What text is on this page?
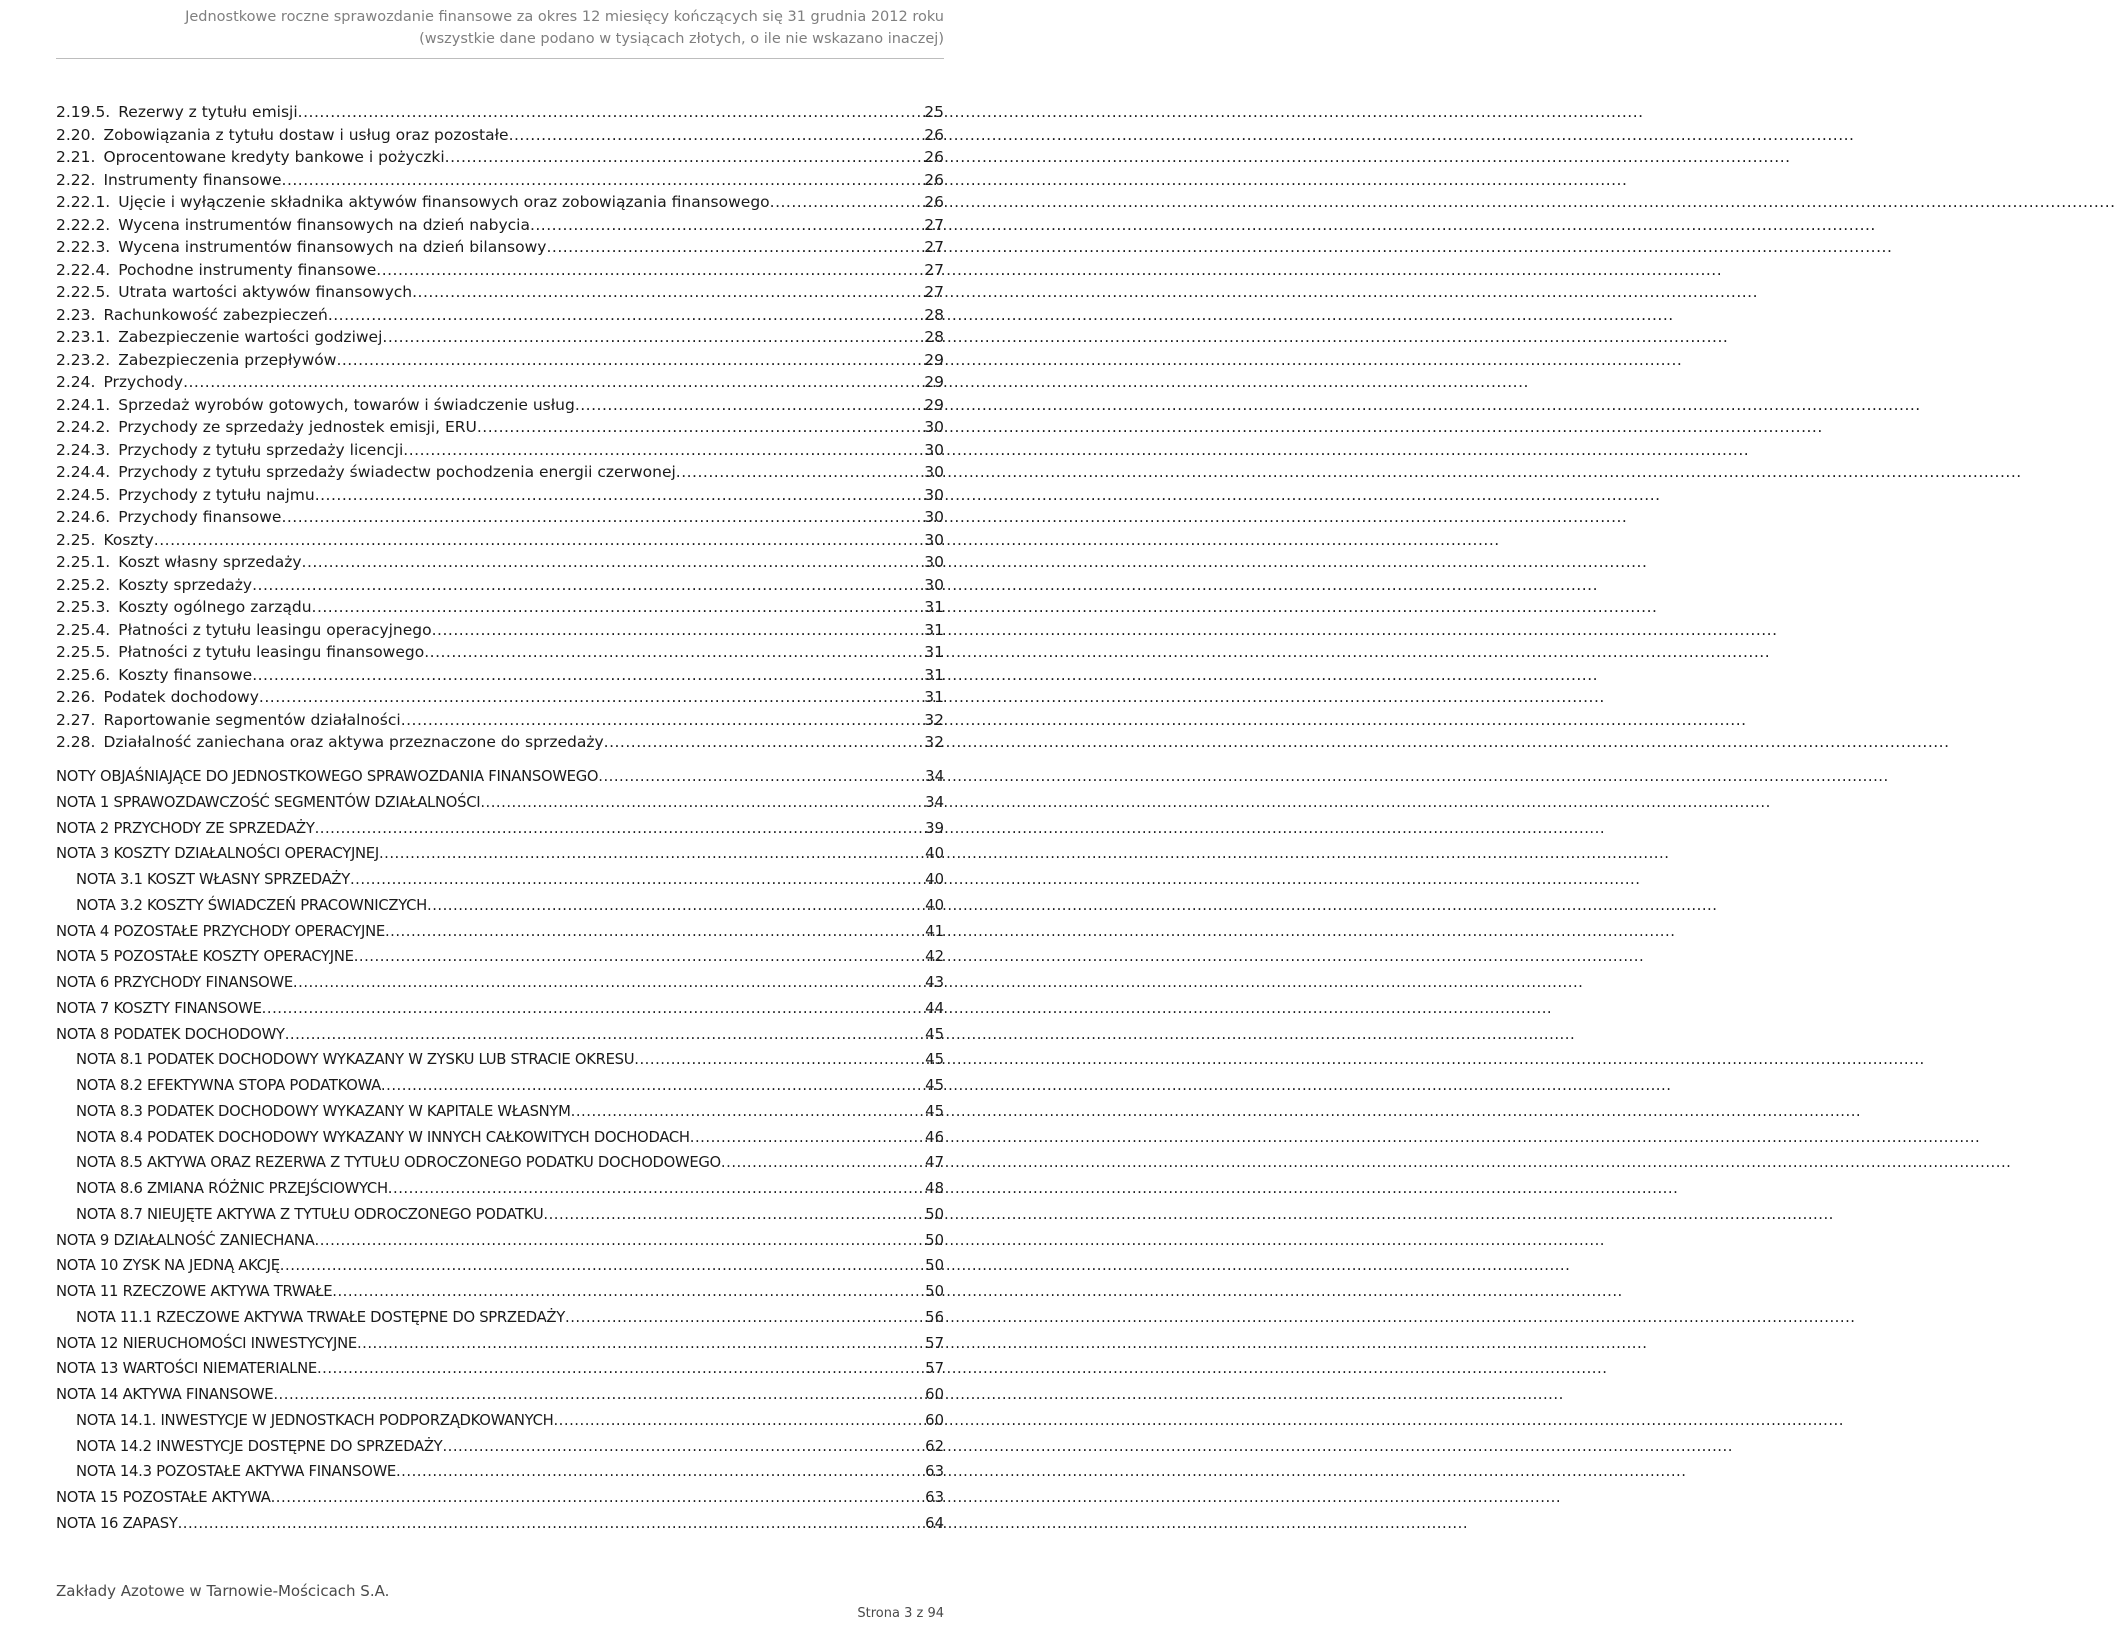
Jednostkowe roczne sprawozdanie finansowe za okres 12 miesięcy kończących się 31 grudnia 2012 roku
(wszystkie dane podano w tysiącach złotych, o ile nie wskazano inaczej)
2.19.5. Rezerwy z tytułu emisji .....	25
2.20. Zobowiązania z tytułu dostaw i usług oraz pozostałe .....	26
2.21. Oprocentowane kredyty bankowe i pożyczki .....	26
2.22. Instrumenty finansowe .....	26
2.22.1. Ujęcie i wyłączenie składnika aktywów finansowych oraz zobowiązania finansowego .....	26
2.22.2. Wycena instrumentów finansowych na dzień nabycia .....	27
2.22.3. Wycena instrumentów finansowych na dzień bilansowy .....	27
2.22.4. Pochodne instrumenty finansowe .....	27
2.22.5. Utrata wartości aktywów finansowych .....	27
2.23. Rachunkowość zabezpieczeń .....	28
2.23.1. Zabezpieczenie wartości godziwej .....	28
2.23.2. Zabezpieczenia przepływów .....	29
2.24. Przychody .....	29
2.24.1. Sprzedaż wyrobów gotowych, towarów i świadczenie usług .....	29
2.24.2. Przychody ze sprzedaży jednostek emisji, ERU .....	30
2.24.3. Przychody z tytułu sprzedaży licencji .....	30
2.24.4. Przychody z tytułu sprzedaży świadectw pochodzenia energii czerwonej .....	30
2.24.5. Przychody z tytułu najmu .....	30
2.24.6. Przychody finansowe .....	30
2.25. Koszty .....	30
2.25.1. Koszt własny sprzedaży .....	30
2.25.2. Koszty sprzedaży .....	30
2.25.3. Koszty ogólnego zarządu .....	31
2.25.4. Płatności z tytułu leasingu operacyjnego .....	31
2.25.5. Płatności z tytułu leasingu finansowego .....	31
2.25.6. Koszty finansowe .....	31
2.26. Podatek dochodowy .....	31
2.27. Raportowanie segmentów działalności .....	32
2.28. Działalność zaniechana oraz aktywa przeznaczone do sprzedaży .....	32
NOTY OBJAŚNIAJĄCE DO JEDNOSTKOWEGO SPRAWOZDANIA FINANSOWEGO .....	34
NOTA 1 SPRAWOZDAWCZOŚĆ SEGMENTÓW DZIAŁALNOŚCI .....	34
NOTA 2 PRZYCHODY ZE SPRZEDAŻY .....	39
NOTA 3 KOSZTY DZIAŁALNOŚCI OPERACYJNEJ .....	40
NOTA 3.1 KOSZT WŁASNY SPRZEDAŻY .....	40
NOTA 3.2 KOSZTY ŚWIADCZEŃ PRACOWNICZYCH .....	40
NOTA 4 POZOSTAŁE PRZYCHODY OPERACYJNE .....	41
NOTA 5 POZOSTAŁE KOSZTY OPERACYJNE .....	42
NOTA 6 PRZYCHODY FINANSOWE .....	43
NOTA 7 KOSZTY FINANSOWE .....	44
NOTA 8 PODATEK DOCHODOWY .....	45
NOTA 8.1 PODATEK DOCHODOWY WYKAZANY W ZYSKU LUB STRACIE OKRESU .....	45
NOTA 8.2 EFEKTYWNA STOPA PODATKOWA .....	45
NOTA 8.3 PODATEK DOCHODOWY WYKAZANY W KAPITALE WŁASNYM .....	45
NOTA 8.4 PODATEK DOCHODOWY WYKAZANY W INNYCH CAŁKOWITYCH DOCHODACH .....	46
NOTA 8.5 AKTYWA ORAZ REZERWA Z TYTUŁU ODROCZONEGO PODATKU DOCHODOWEGO .....	47
NOTA 8.6 ZMIANA RÓŻNIC PRZEJŚCIOWYCH .....	48
NOTA 8.7 NIEUJĘTE AKTYWA Z TYTUŁU ODROCZONEGO PODATKU .....	50
NOTA 9 DZIAŁALNOŚĆ ZANIECHANA .....	50
NOTA 10 ZYSK NA JEDNĄ AKCJĘ .....	50
NOTA 11 RZECZOWE AKTYWA TRWAŁE .....	50
NOTA 11.1 RZECZOWE AKTYWA TRWAŁE DOSTĘPNE DO SPRZEDAŻY .....	56
NOTA 12 NIERUCHOMOŚCI INWESTYCYJNE .....	57
NOTA 13 WARTOŚCI NIEMATERIALNE .....	57
NOTA 14 AKTYWA FINANSOWE .....	60
NOTA 14.1. INWESTYCJE W JEDNOSTKACH PODPORZĄDKOWANYCH .....	60
NOTA 14.2 INWESTYCJE DOSTĘPNE DO SPRZEDAŻY .....	62
NOTA 14.3 POZOSTAŁE AKTYWA FINANSOWE .....	63
NOTA 15 POZOSTAŁE AKTYWA .....	63
NOTA 16 ZAPASY .....	64
Zakłady Azotowe w Tarnowie-Mościcach S.A.
Strona 3 z 94
